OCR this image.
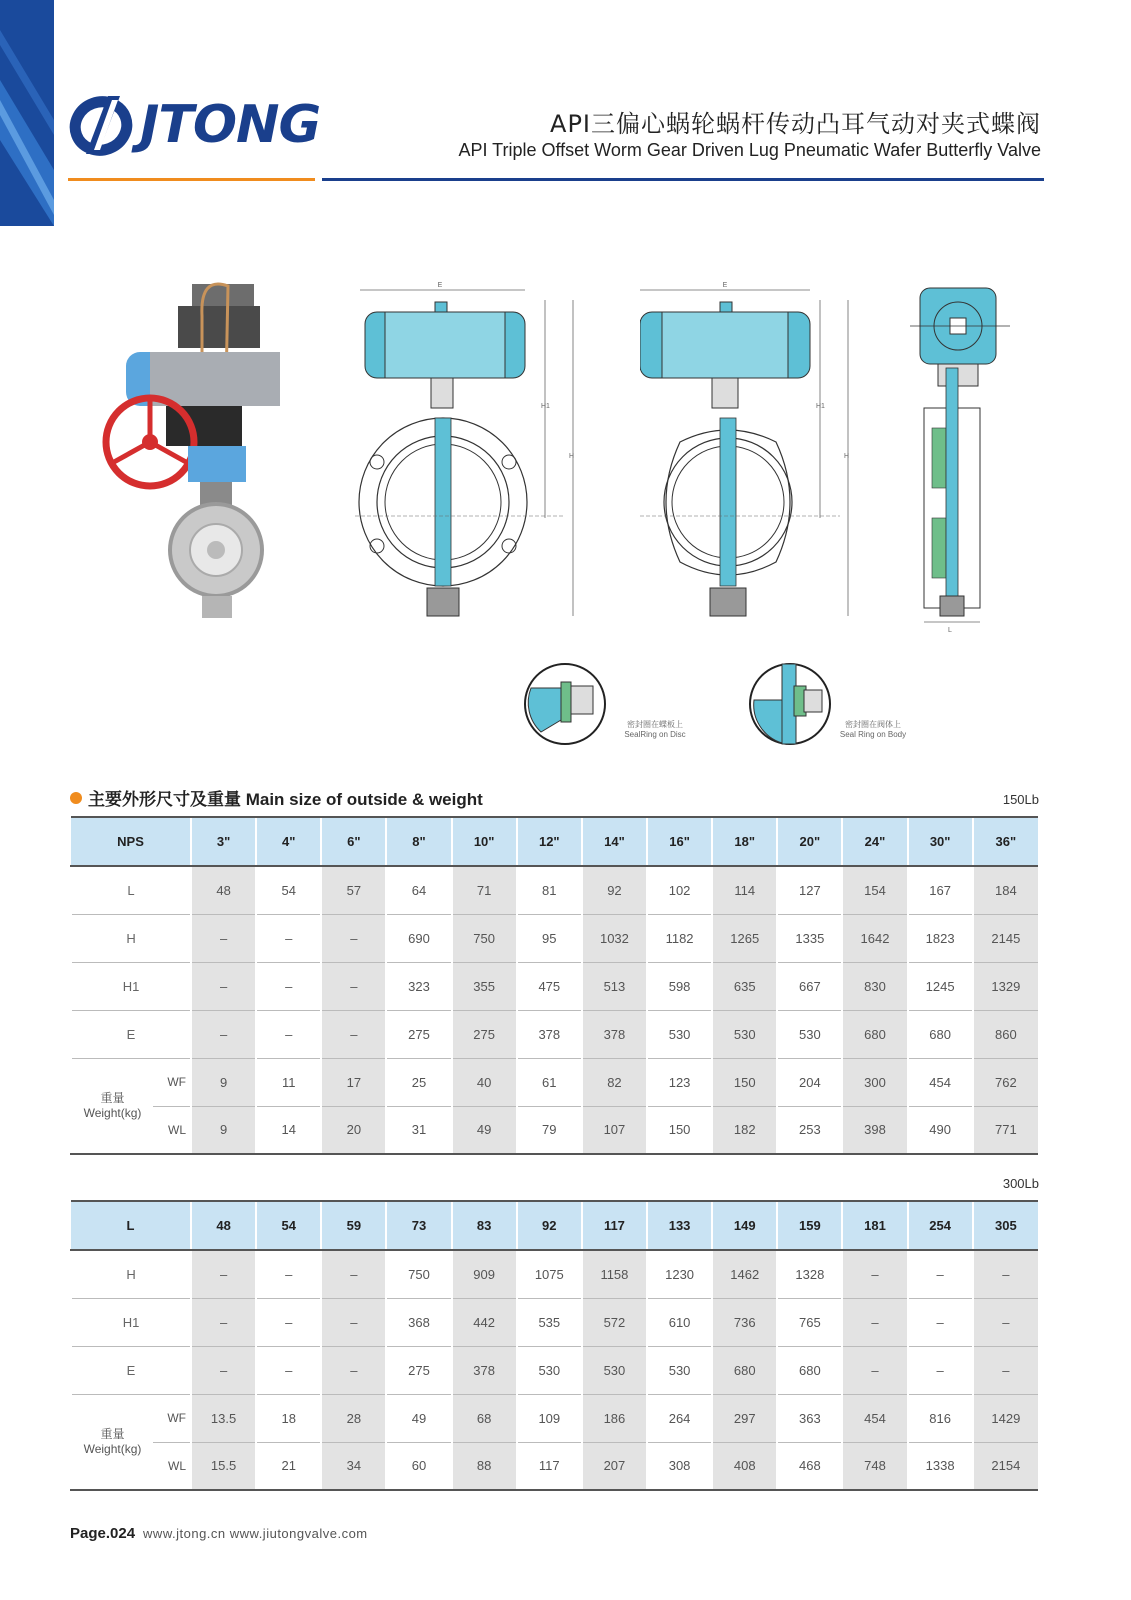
JTONG	API三偏心蜗轮蜗杆传动凸耳气动对夹式蝶阀
API Triple Offset Worm Gear Driven Lug Pneumatic Wafer Butterfly Valve
E
H1
H
E
H1
H
L
密封圈在蝶板上
SealRing on Disc
密封圈在阀体上
Seal Ring on Body
主要外形尺寸及重量 Main size of outside & weight	150Lb
NPS		3"	4"	6"	8"	10"	12"	14"	16"	18"	20"	24"	30"	36"
L		48	54	57	64	71	81	92	102	114	127	154	167	184
H		–	–	–	690	750	95	1032	1182	1265	1335	1642	1823	2145
H1		–	–	–	323	355	475	513	598	635	667	830	1245	1329
E		–	–	–	275	275	378	378	530	530	530	680	680	860

重量
Weight(kg)	WF	9	11	17	25	40	61	82	123	150	204	300	454	762
	WL	9	14	20	31	49	79	107	150	182	253	398	490	771
300Lb
L		48	54	59	73	83	92	117	133	149	159	181	254	305
H		–	–	–	750	909	1075	1158	1230	1462	1328	–	–	–
H1		–	–	–	368	442	535	572	610	736	765	–	–	–
E		–	–	–	275	378	530	530	530	680	680	–	–	–

重量
Weight(kg)	WF	13.5	18	28	49	68	109	186	264	297	363	454	816	1429
	WL	15.5	21	34	60	88	117	207	308	408	468	748	1338	2154
Page.024 www.jtong.cn www.jiutongvalve.com
